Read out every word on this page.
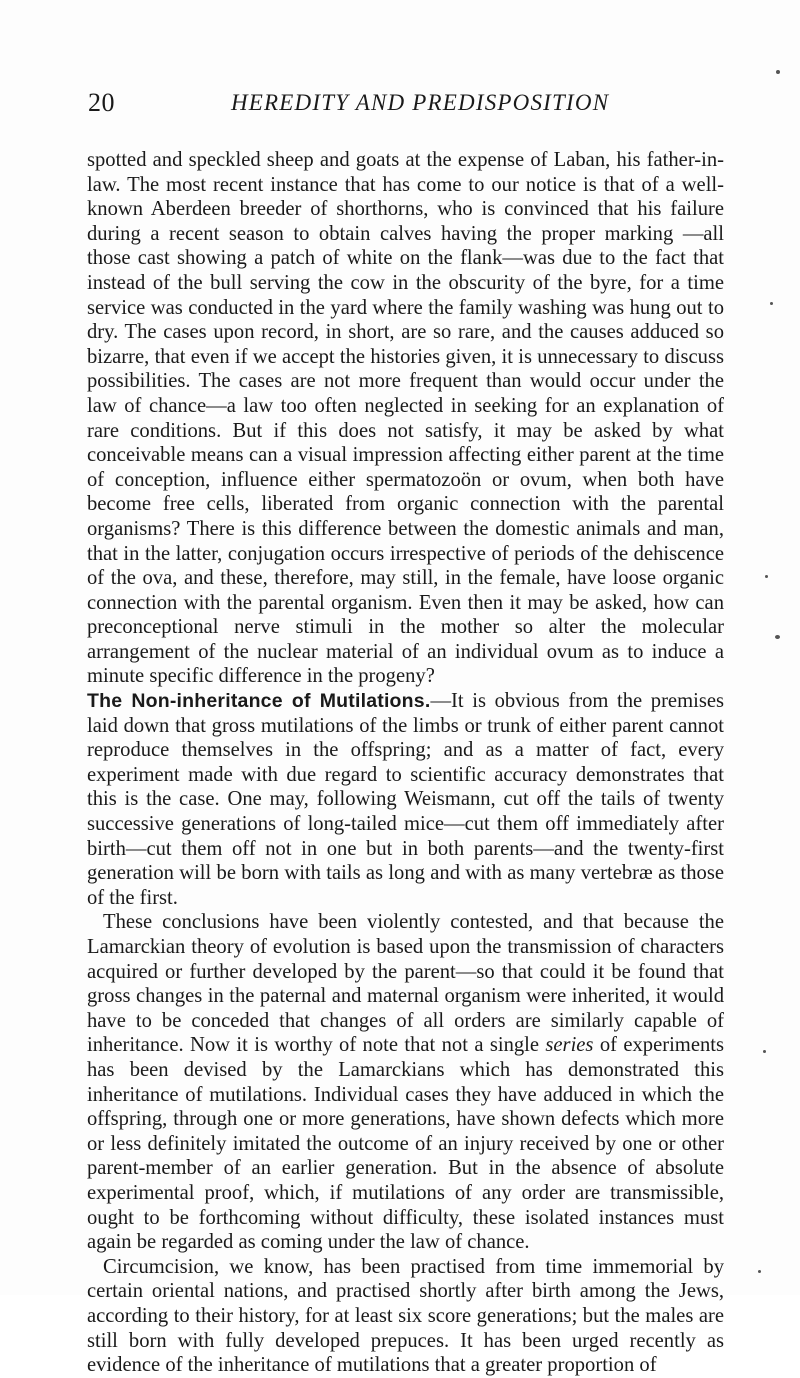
20	HEREDITY AND PREDISPOSITION

spotted and speckled sheep and goats at the expense of Laban, his father-in-law. The most recent instance that has come to our notice is that of a well-known Aberdeen breeder of shorthorns, who is convinced that his failure during a recent season to obtain calves having the proper marking —all those cast showing a patch of white on the flank—was due to the fact that instead of the bull serving the cow in the obscurity of the byre, for a time service was conducted in the yard where the family washing was hung out to dry. The cases upon record, in short, are so rare, and the causes adduced so bizarre, that even if we accept the histories given, it is unnecessary to discuss possibilities. The cases are not more frequent than would occur under the law of chance—a law too often neglected in seeking for an explanation of rare conditions. But if this does not satisfy, it may be asked by what conceivable means can a visual impression affecting either parent at the time of conception, influence either spermatozoön or ovum, when both have become free cells, liberated from organic connection with the parental organisms? There is this difference between the domestic animals and man, that in the latter, conjugation occurs irrespective of periods of the dehiscence of the ova, and these, therefore, may still, in the female, have loose organic connection with the parental organism. Even then it may be asked, how can preconceptional nerve stimuli in the mother so alter the molecular arrangement of the nuclear material of an individual ovum as to induce a minute specific difference in the progeny?

The Non-inheritance of Mutilations.—It is obvious from the premises laid down that gross mutilations of the limbs or trunk of either parent cannot reproduce themselves in the offspring; and as a matter of fact, every experiment made with due regard to scientific accuracy demonstrates that this is the case. One may, following Weismann, cut off the tails of twenty successive generations of long-tailed mice—cut them off immediately after birth—cut them off not in one but in both parents—and the twenty-first generation will be born with tails as long and with as many vertebræ as those of the first.

These conclusions have been violently contested, and that because the Lamarckian theory of evolution is based upon the transmission of characters acquired or further developed by the parent—so that could it be found that gross changes in the paternal and maternal organism were inherited, it would have to be conceded that changes of all orders are similarly capable of inheritance. Now it is worthy of note that not a single series of experiments has been devised by the Lamarckians which has demonstrated this inheritance of mutilations. Individual cases they have adduced in which the offspring, through one or more generations, have shown defects which more or less definitely imitated the outcome of an injury received by one or other parent-member of an earlier generation. But in the absence of absolute experimental proof, which, if mutilations of any order are transmissible, ought to be forthcoming without difficulty, these isolated instances must again be regarded as coming under the law of chance.

Circumcision, we know, has been practised from time immemorial by certain oriental nations, and practised shortly after birth among the Jews, according to their history, for at least six score generations; but the males are still born with fully developed prepuces. It has been urged recently as evidence of the inheritance of mutilations that a greater proportion of
